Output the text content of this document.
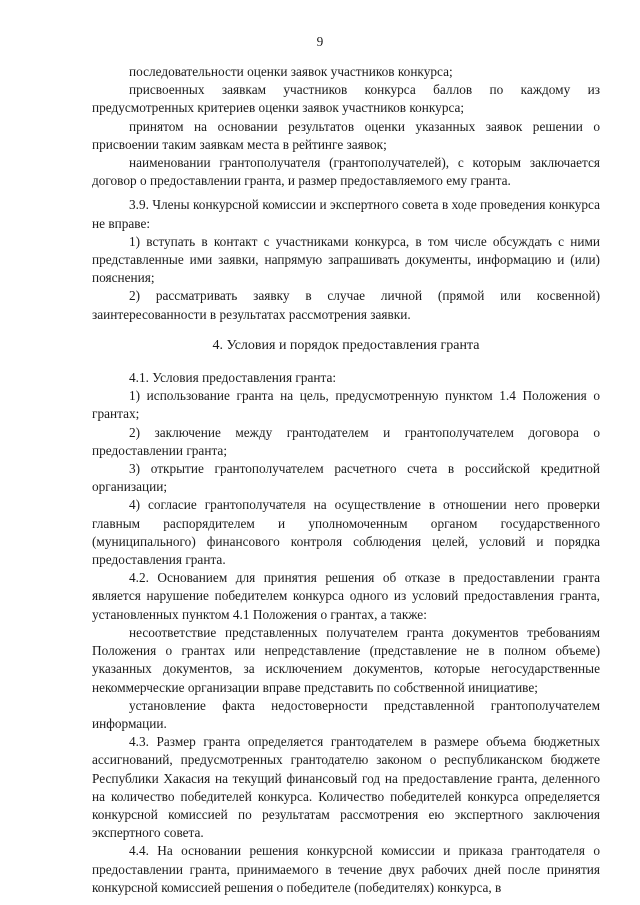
9

последовательности оценки заявок участников конкурса;

присвоенных заявкам участников конкурса баллов по каждому из предусмотренных критериев оценки заявок участников конкурса;

принятом на основании результатов оценки указанных заявок решении о присвоении таким заявкам места в рейтинге заявок;

наименовании грантополучателя (грантополучателей), с которым заключается договор о предоставлении гранта, и размер предоставляемого ему гранта.

3.9. Члены конкурсной комиссии и экспертного совета в ходе проведения конкурса не вправе:

1) вступать в контакт с участниками конкурса, в том числе обсуждать с ними представленные ими заявки, напрямую запрашивать документы, информацию и (или) пояснения;

2) рассматривать заявку в случае личной (прямой или косвенной) заинтересованности в результатах рассмотрения заявки.

4. Условия и порядок предоставления гранта

4.1. Условия предоставления гранта:

1) использование гранта на цель, предусмотренную пунктом 1.4 Положения о грантах;

2) заключение между грантодателем и грантополучателем договора о предоставлении гранта;

3) открытие грантополучателем расчетного счета в российской кредитной организации;

4) согласие грантополучателя на осуществление в отношении него проверки главным распорядителем и уполномоченным органом государственного (муниципального) финансового контроля соблюдения целей, условий и порядка предоставления гранта.

4.2. Основанием для принятия решения об отказе в предоставлении гранта является нарушение победителем конкурса одного из условий предоставления гранта, установленных пунктом 4.1 Положения о грантах, а также:

несоответствие представленных получателем гранта документов требованиям Положения о грантах или непредставление (представление не в полном объеме) указанных документов, за исключением документов, которые негосударственные некоммерческие организации вправе представить по собственной инициативе;

установление факта недостоверности представленной грантополучателем информации.

4.3. Размер гранта определяется грантодателем в размере объема бюджетных ассигнований, предусмотренных грантодателю законом о республиканском бюджете Республики Хакасия на текущий финансовый год на предоставление гранта, деленного на количество победителей конкурса. Количество победителей конкурса определяется конкурсной комиссией по результатам рассмотрения ею экспертного заключения экспертного совета.

4.4. На основании решения конкурсной комиссии и приказа грантодателя о предоставлении гранта, принимаемого в течение двух рабочих дней после принятия конкурсной комиссией решения о победителе (победителях) конкурса, в
